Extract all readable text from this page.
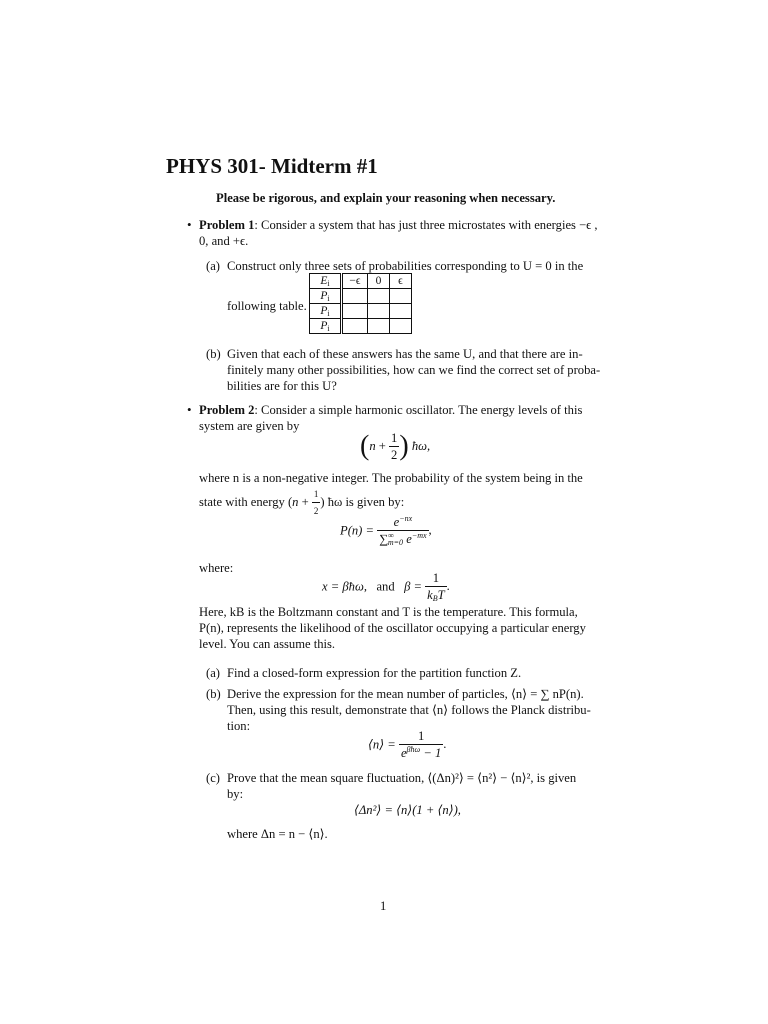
PHYS 301- Midterm #1
Please be rigorous, and explain your reasoning when necessary.
• Problem 1: Consider a system that has just three microstates with energies −ϵ ,
0, and +ϵ.
(a) Construct only three sets of probabilities corresponding to U = 0 in the
following table.
$E_i$	−ϵ	0	ϵ
$P_i$			
$P_i$			
$P_i$			
(b) Given that each of these answers has the same U, and that there are in-
finitely many other possibilities, how can we find the correct set of proba-
bilities are for this U?
• Problem 2: Consider a simple harmonic oscillator. The energy levels of this
system are given by
($n + \frac{1}{2}$ ) ħω,
where n is a non-negative integer. The probability of the system being in the
state with energy ($n + \frac{1}{2}$ ) ħω is given by:
$P(n) = \frac{e^{-nx}}{\sum^\infty_{m=0} e^{-mx}}$ ,
where:
x = βħω, and $\beta = \frac{1}{k_BT}$ .
Here, kB is the Boltzmann constant and T is the temperature. This formula,
P(n), represents the likelihood of the oscillator occupying a particular energy
level. You can assume this.
(a) Find a closed-form expression for the partition function Z.
(b) Derive the expression for the mean number of particles, ⟨n⟩ = ∑ nP(n).
Then, using this result, demonstrate that ⟨n⟩ follows the Planck distribu-
tion:
⟨n⟩ = $\frac{1}{e^{\beta ħ\omega} - 1}$ .
(c) Prove that the mean square fluctuation, ⟨(Δn)²⟩ = ⟨n²⟩ − ⟨n⟩², is given
by:
⟨Δn²⟩ = ⟨n⟩(1 + ⟨n⟩),
where Δn = n − ⟨n⟩.
1
